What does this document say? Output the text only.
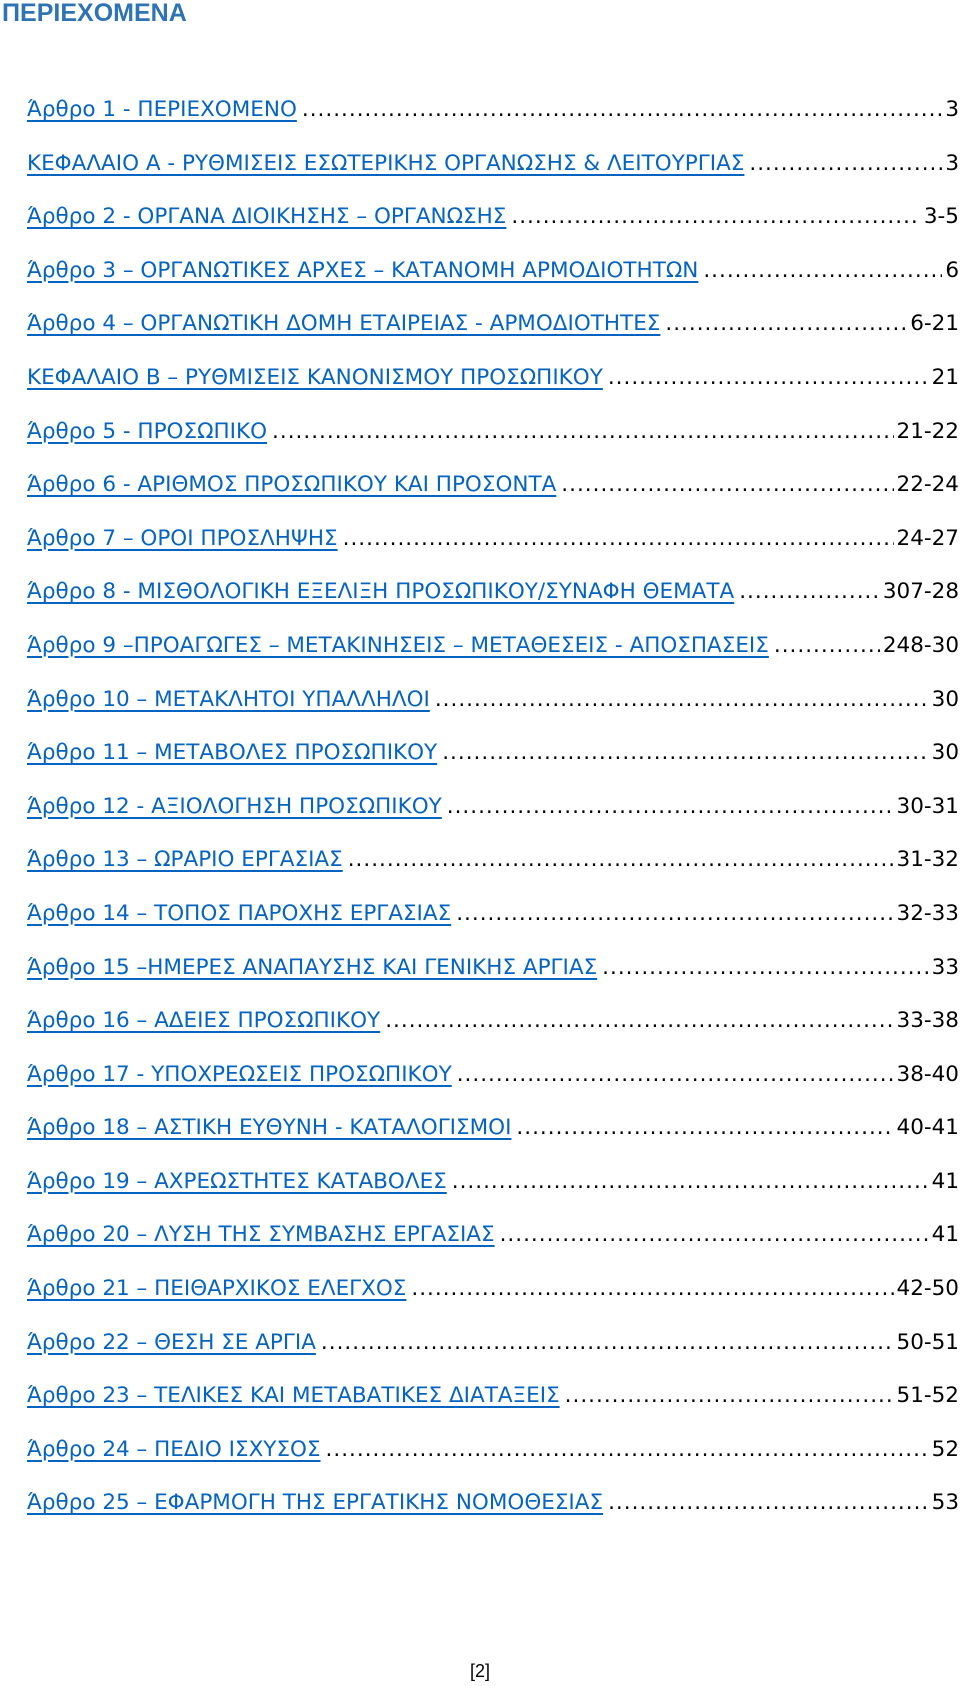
ΠΕΡΙΕΧΟΜΕΝΑ
Άρθρο 1 - ΠΕΡΙΕΧΟΜΕΝΟ .....	3
ΚΕΦΑΛΑΙΟ Α - ΡΥΘΜΙΣΕΙΣ ΕΣΩΤΕΡΙΚΗΣ ΟΡΓΑΝΩΣΗΣ & ΛΕΙΤΟΥΡΓΙΑΣ .....	3
Άρθρο 2 - ΟΡΓΑΝΑ ΔΙΟΙΚΗΣΗΣ – ΟΡΓΑΝΩΣΗΣ .....	3-5
Άρθρο 3 – ΟΡΓΑΝΩΤΙΚΕΣ ΑΡΧΕΣ – ΚΑΤΑΝΟΜΗ ΑΡΜΟΔΙΟΤΗΤΩΝ .....	6
Άρθρο 4 – ΟΡΓΑΝΩΤΙΚΗ ΔΟΜΗ ΕΤΑΙΡΕΙΑΣ - ΑΡΜΟΔΙΟΤΗΤΕΣ .....	6-21
ΚΕΦΑΛΑΙΟ Β – ΡΥΘΜΙΣΕΙΣ ΚΑΝΟΝΙΣΜΟΥ ΠΡΟΣΩΠΙΚΟΥ .....	21
Άρθρο 5 - ΠΡΟΣΩΠΙΚΟ .....	21-22
Άρθρο 6 - ΑΡΙΘΜΟΣ ΠΡΟΣΩΠΙΚΟΥ ΚΑΙ ΠΡΟΣΟΝΤΑ .....	22-24
Άρθρο 7 – ΟΡΟΙ ΠΡΟΣΛΗΨΗΣ .....	24-27
Άρθρο 8 - ΜΙΣΘΟΛΟΓΙΚΗ ΕΞΕΛΙΞΗ ΠΡΟΣΩΠΙΚΟΥ/ΣΥΝΑΦΗ ΘΕΜΑΤΑ .....	307-28
Άρθρο 9 –ΠΡΟΑΓΩΓΕΣ – ΜΕΤΑΚΙΝΗΣΕΙΣ – ΜΕΤΑΘΕΣΕΙΣ - ΑΠΟΣΠΑΣΕΙΣ .....	248-30
Άρθρο 10 – ΜΕΤΑΚΛΗΤΟΙ ΥΠΑΛΛΗΛΟΙ .....	30
Άρθρο 11 – ΜΕΤΑΒΟΛΕΣ ΠΡΟΣΩΠΙΚΟΥ .....	30
Άρθρο 12 - ΑΞΙΟΛΟΓΗΣΗ ΠΡΟΣΩΠΙΚΟΥ .....	30-31
Άρθρο 13 – ΩΡΑΡΙΟ ΕΡΓΑΣΙΑΣ .....	31-32
Άρθρο 14 – ΤΟΠΟΣ ΠΑΡΟΧΗΣ ΕΡΓΑΣΙΑΣ .....	32-33
Άρθρο 15 –ΗΜΕΡΕΣ ΑΝΑΠΑΥΣΗΣ ΚΑΙ ΓΕΝΙΚΗΣ ΑΡΓΙΑΣ .....	33
Άρθρο 16 – ΑΔΕΙΕΣ ΠΡΟΣΩΠΙΚΟΥ .....	33-38
Άρθρο 17 - ΥΠΟΧΡΕΩΣΕΙΣ ΠΡΟΣΩΠΙΚΟΥ .....	38-40
Άρθρο 18 – ΑΣΤΙΚΗ ΕΥΘΥΝΗ - ΚΑΤΑΛΟΓΙΣΜΟΙ .....	40-41
Άρθρο 19 – ΑΧΡΕΩΣΤΗΤΕΣ ΚΑΤΑΒΟΛΕΣ .....	41
Άρθρο 20 – ΛΥΣΗ ΤΗΣ ΣΥΜΒΑΣΗΣ ΕΡΓΑΣΙΑΣ .....	41
Άρθρο 21 – ΠΕΙΘΑΡΧΙΚΟΣ ΕΛΕΓΧΟΣ .....	42-50
Άρθρο 22 – ΘΕΣΗ ΣΕ ΑΡΓΙΑ .....	50-51
Άρθρο 23 – ΤΕΛΙΚΕΣ ΚΑΙ ΜΕΤΑΒΑΤΙΚΕΣ ΔΙΑΤΑΞΕΙΣ .....	51-52
Άρθρο 24 – ΠΕΔΙΟ ΙΣΧΥΣΟΣ .....	52
Άρθρο 25 – ΕΦΑΡΜΟΓΗ ΤΗΣ ΕΡΓΑΤΙΚΗΣ ΝΟΜΟΘΕΣΙΑΣ .....	53
[2]
